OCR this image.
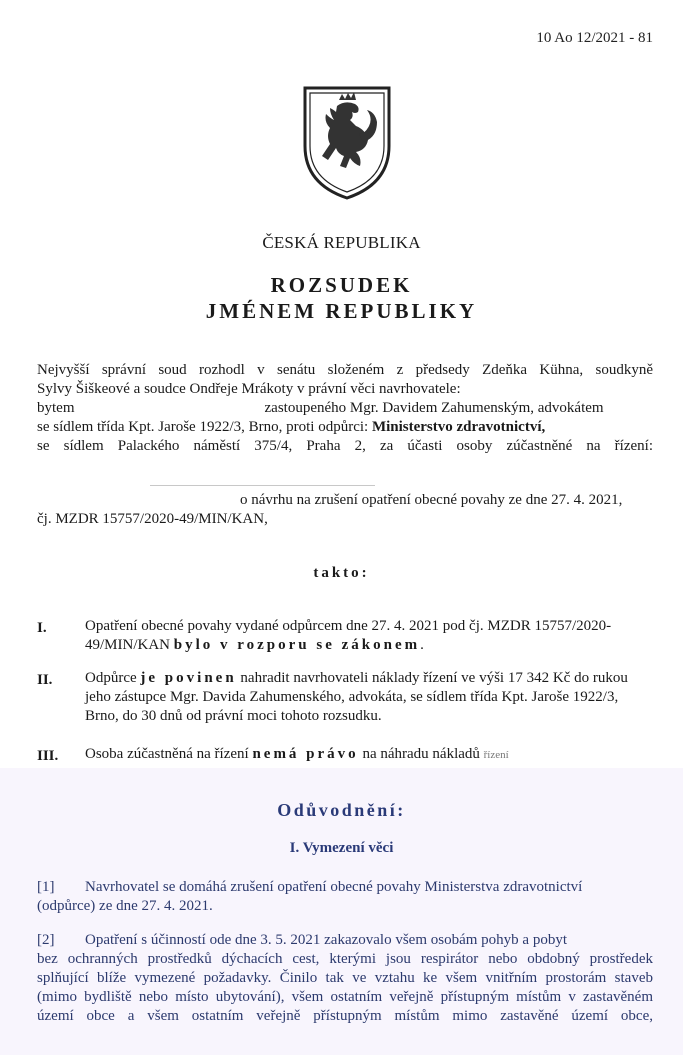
10 Ao 12/2021 - 81
ČESKÁ REPUBLIKA
ROZSUDEK
JMÉNEM REPUBLIKY
Nejvyšší správní soud rozhodl v senátu složeném z předsedy Zdeňka Kühna, soudkyně
Sylvy Šiškeové a soudce Ondřeje Mrákoty v právní věci navrhovatele:
bytem	zastoupeného Mgr. Davidem Zahumenským, advokátem
se sídlem třída Kpt. Jaroše 1922/3, Brno, proti odpůrci: Ministerstvo zdravotnictví,
se sídlem Palackého náměstí 375/4, Praha 2, za účasti osoby zúčastněné na řízení:
o návrhu na zrušení opatření obecné povahy ze dne 27. 4. 2021,
čj. MZDR 15757/2020-49/MIN/KAN,
takto:
I.	Opatření obecné povahy vydané odpůrcem dne 27. 4. 2021 pod čj. MZDR 15757/2020-49/MIN/KAN bylo v rozporu se zákonem.
II. Odpůrce je povinen nahradit navrhovateli náklady řízení ve výši 17 342 Kč do rukou jeho zástupce Mgr. Davida Zahumenského, advokáta, se sídlem třída Kpt. Jaroše 1922/3, Brno, do 30 dnů od právní moci tohoto rozsudku.
III. Osoba zúčastněná na řízení nemá právo na náhradu nákladů řízení
Odůvodnění:
I. Vymezení věci
[1] Navrhovatel se domáhá zrušení opatření obecné povahy Ministerstva zdravotnictví
(odpůrce) ze dne 27. 4. 2021.
[2] Opatření s účinností ode dne 3. 5. 2021 zakazovalo všem osobám pohyb a pobyt
bez ochranných prostředků dýchacích cest, kterými jsou respirátor nebo obdobný prostředek
splňující blíže vymezené požadavky. Činilo tak ve vztahu ke všem vnitřním prostorám staveb
(mimo bydliště nebo místo ubytování), všem ostatním veřejně přístupným místům v zastavěném
území obce a všem ostatním veřejně přístupným místům mimo zastavěné území obce,
